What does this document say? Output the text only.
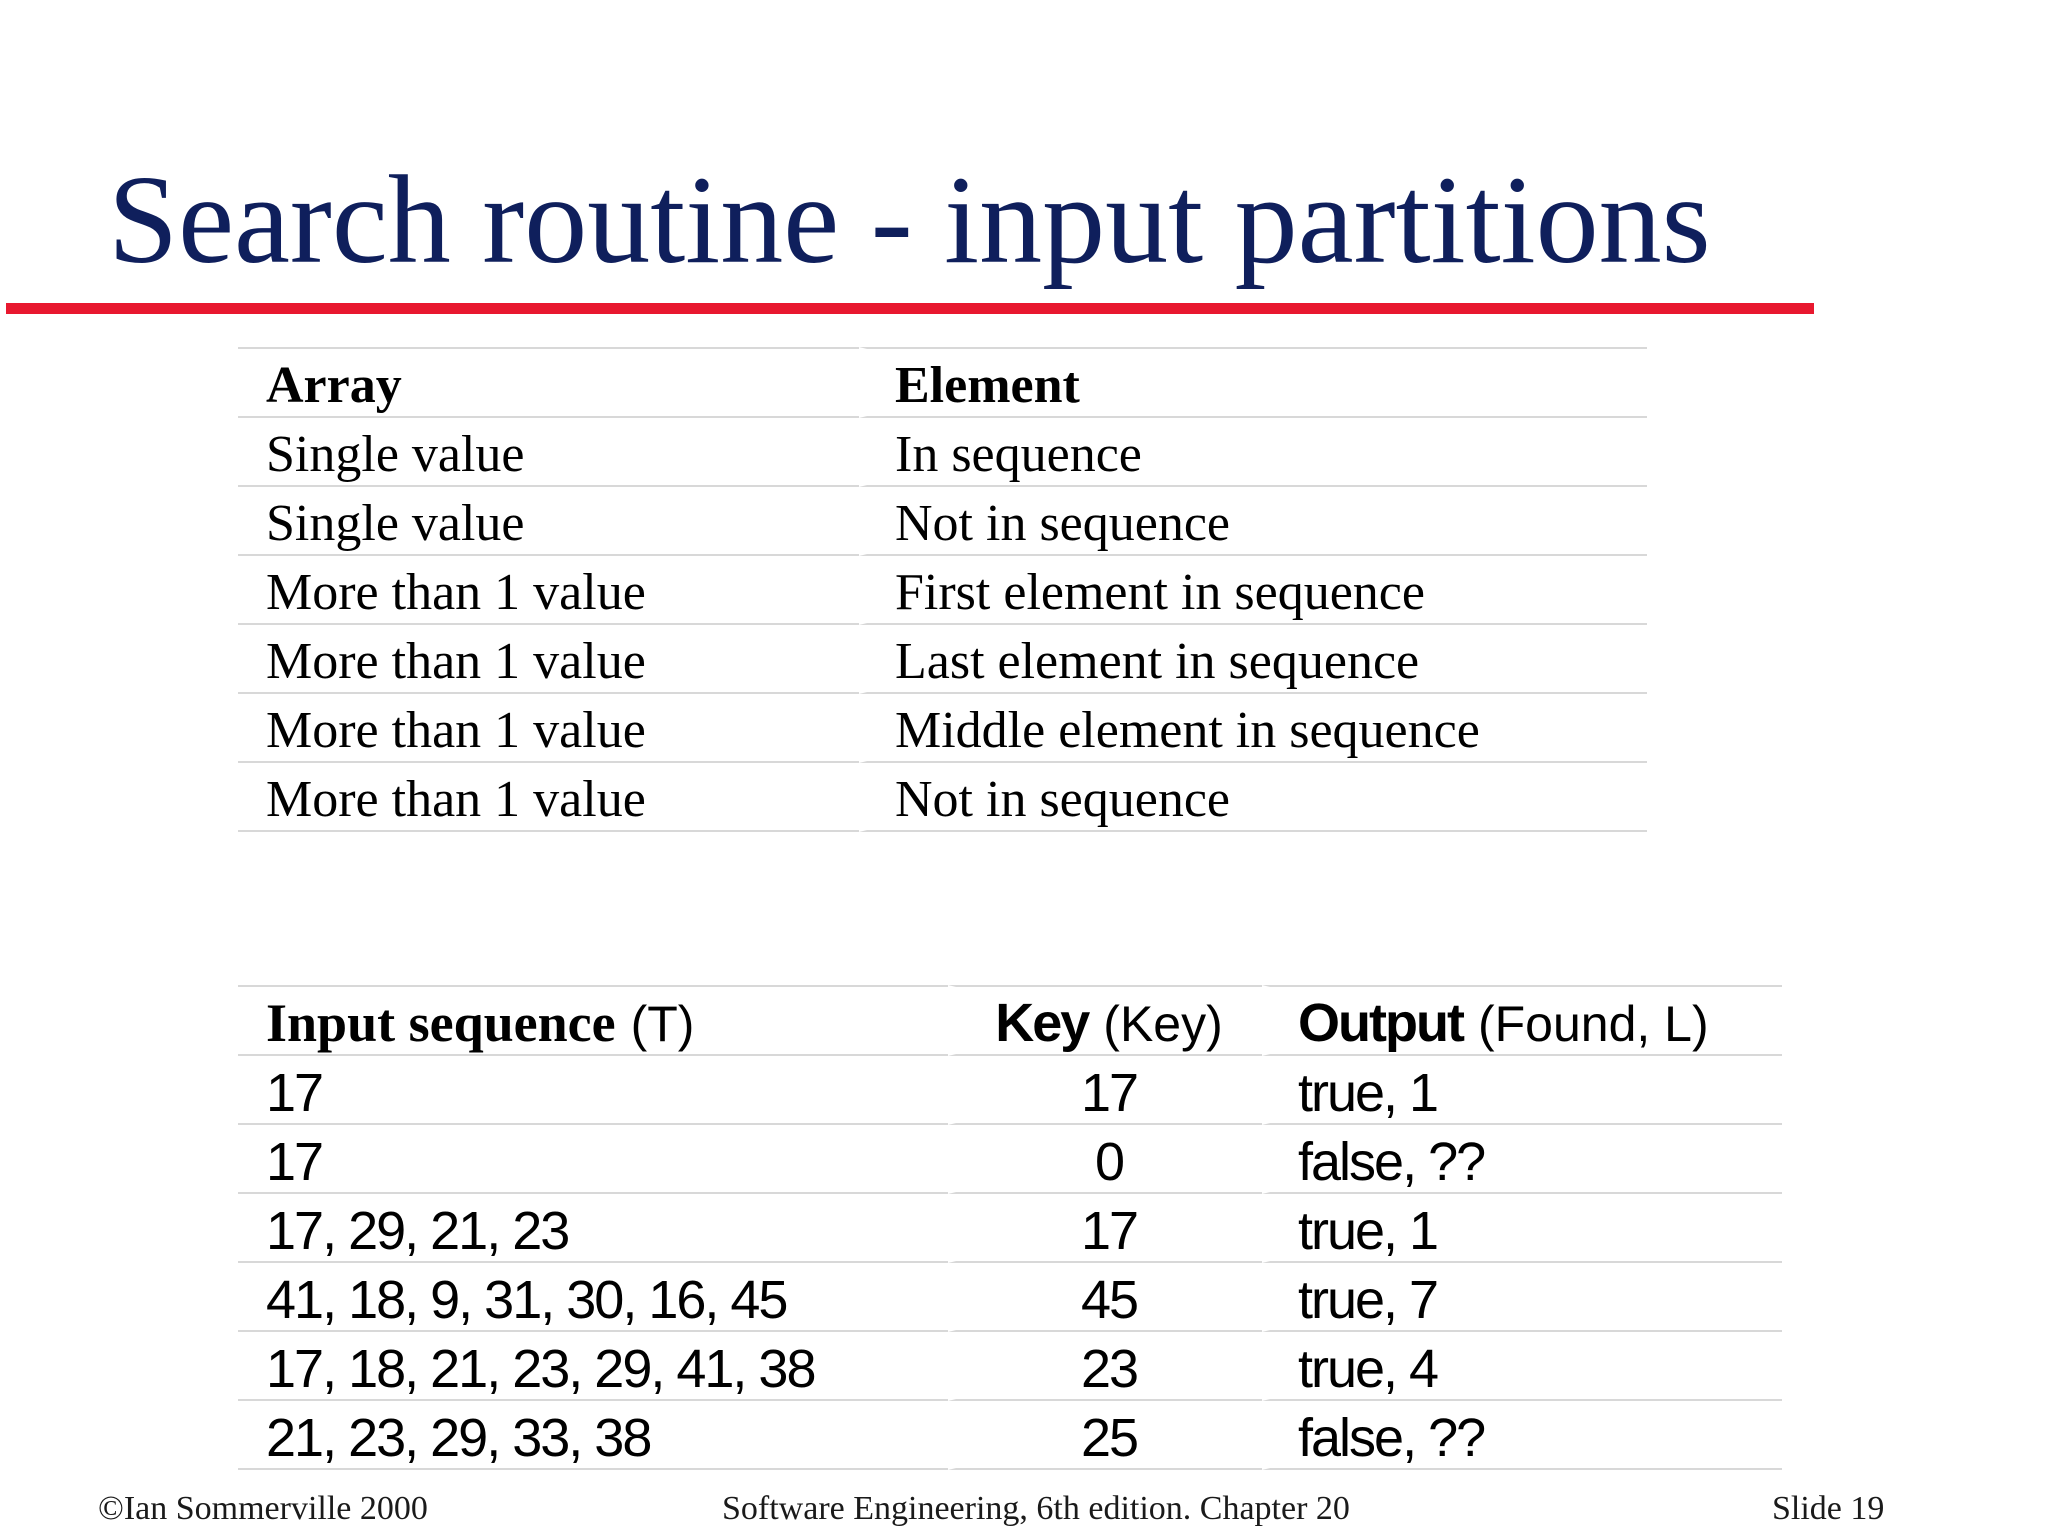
Search routine - input partitions
Array	Element
Single value	In sequence
Single value	Not in sequence
More than 1 value	First element in sequence
More than 1 value	Last element in sequence
More than 1 value	Middle element in sequence
More than 1 value	Not in sequence
Input sequence (T)	Key (Key)	Output (Found, L)
17	17	true, 1
17	0	false, ??
17, 29, 21, 23	17	true, 1
41, 18, 9, 31, 30, 16, 45	45	true, 7
17, 18, 21, 23, 29, 41, 38	23	true, 4
21, 23, 29, 33, 38	25	false, ??
©Ian Sommerville 2000	Software Engineering, 6th edition. Chapter 20	Slide 19
